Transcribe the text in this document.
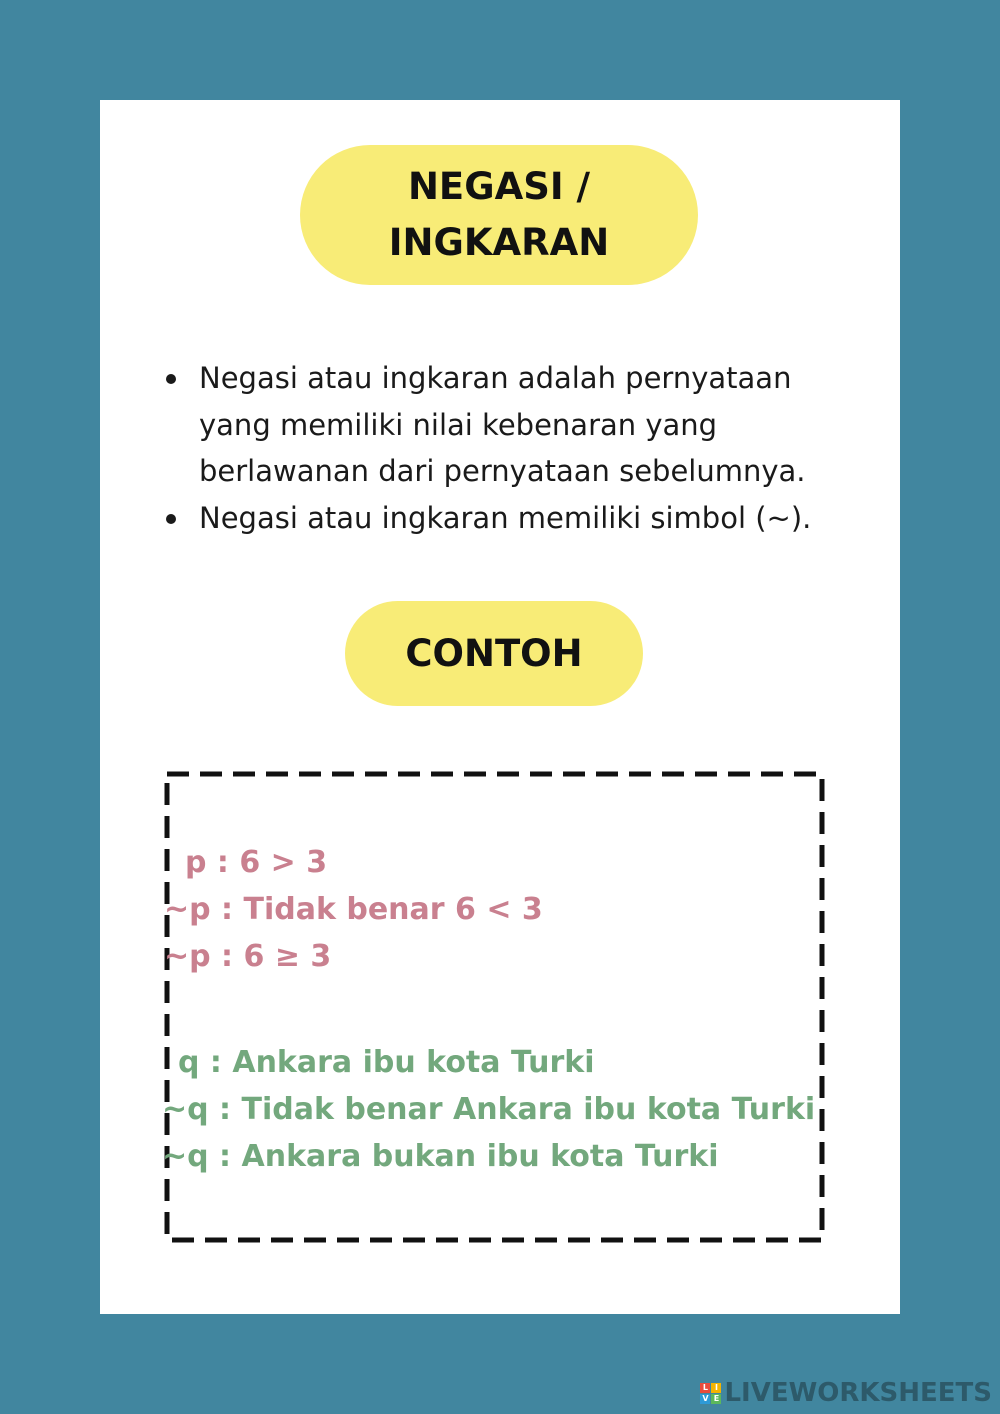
NEGASI /
INGKARAN
Negasi atau ingkaran adalah pernyataan
yang memiliki nilai kebenaran yang
berlawanan dari pernyataan sebelumnya.
Negasi atau ingkaran memiliki simbol (~).
CONTOH
p : 6 > 3
~p : Tidak benar 6 < 3
~p : 6 ≥ 3
q : Ankara ibu kota Turki
~q : Tidak benar Ankara ibu kota Turki
~q : Ankara bukan ibu kota Turki
L I
V E LIVEWORKSHEETS
